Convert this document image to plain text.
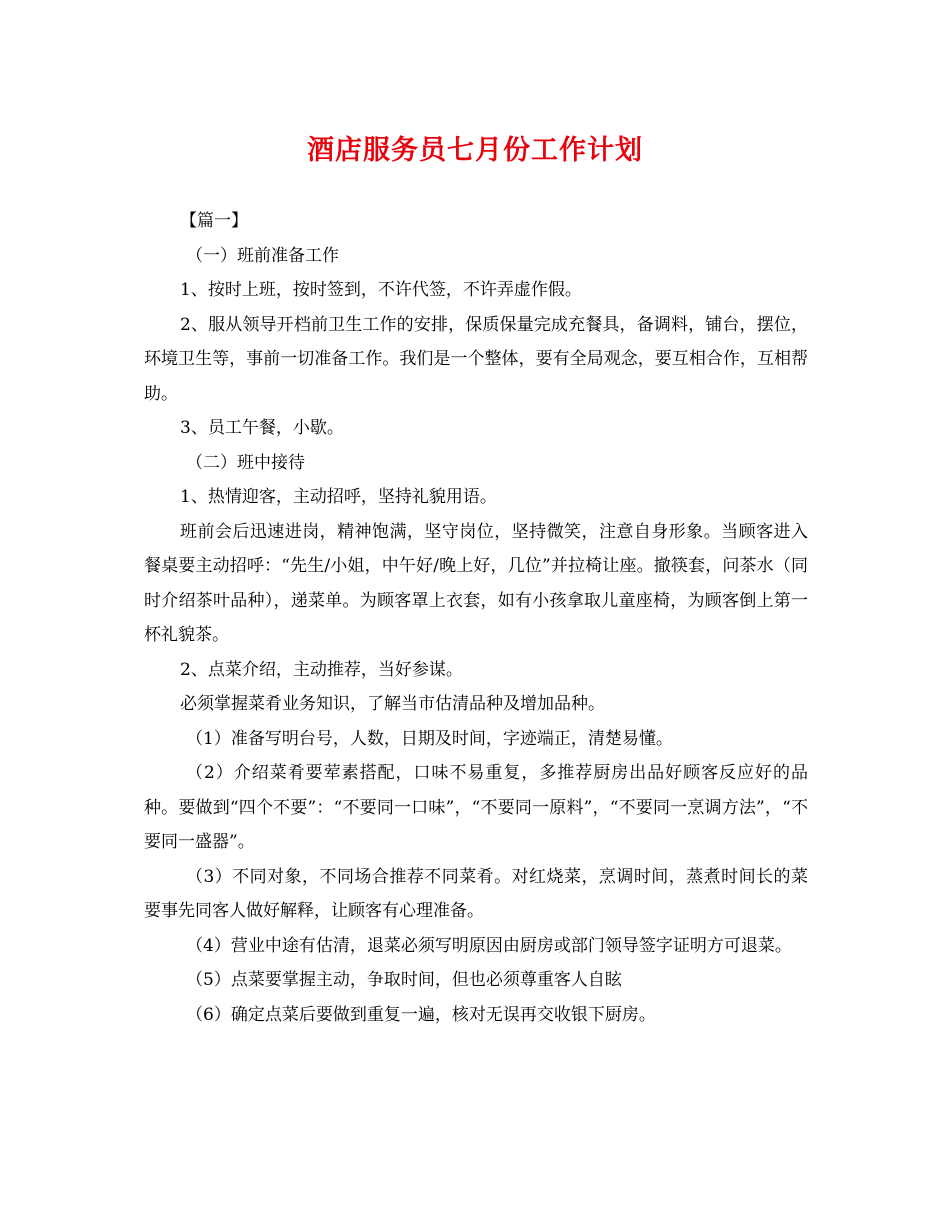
酒店服务员七月份工作计划

【篇一】

（一）班前准备工作

1、按时上班，按时签到，不许代签，不许弄虚作假。

2、服从领导开档前卫生工作的安排，保质保量完成充餐具，备调料，铺台，摆位，环境卫生等，事前一切准备工作。我们是一个整体，要有全局观念，要互相合作，互相帮助。

3、员工午餐，小歇。

（二）班中接待

1、热情迎客，主动招呼，坚持礼貌用语。

班前会后迅速进岗，精神饱满，坚守岗位，坚持微笑，注意自身形象。当顾客进入餐桌要主动招呼：“先生/小姐，中午好/晚上好，几位”并拉椅让座。撤筷套，问茶水（同时介绍茶叶品种），递菜单。为顾客罩上衣套，如有小孩拿取儿童座椅，为顾客倒上第一杯礼貌茶。

2、点菜介绍，主动推荐，当好参谋。

必须掌握菜肴业务知识，了解当市估清品种及增加品种。

（1）准备写明台号，人数，日期及时间，字迹端正，清楚易懂。

（2）介绍菜肴要荤素搭配，口味不易重复，多推荐厨房出品好顾客反应好的品种。要做到“四个不要”：“不要同一口味”，“不要同一原料”，“不要同一烹调方法”，“不要同一盛器”。

（3）不同对象，不同场合推荐不同菜肴。对红烧菜，烹调时间，蒸煮时间长的菜要事先同客人做好解释，让顾客有心理准备。

（4）营业中途有估清，退菜必须写明原因由厨房或部门领导签字证明方可退菜。

（5）点菜要掌握主动，争取时间，但也必须尊重客人自眩

（6）确定点菜后要做到重复一遍，核对无误再交收银下厨房。
